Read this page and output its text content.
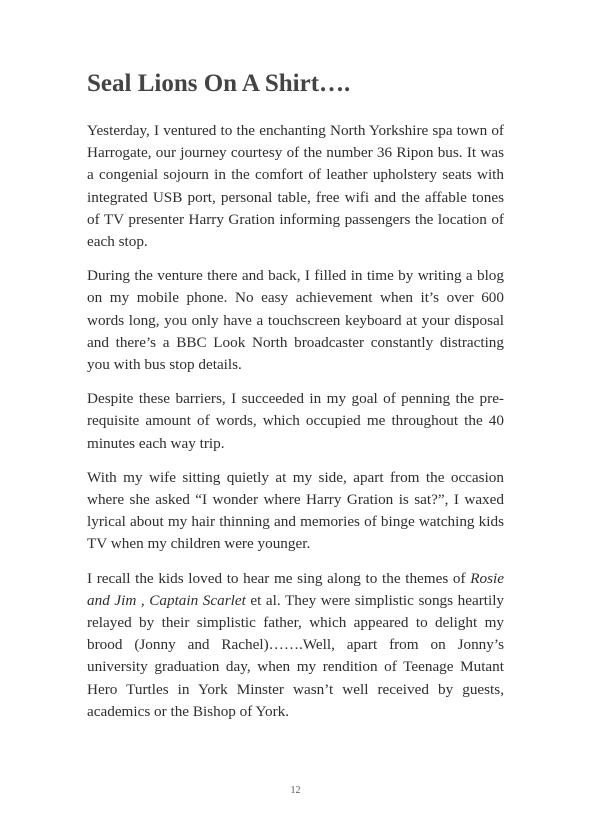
Seal Lions On A Shirt….

Yesterday, I ventured to the enchanting North Yorkshire spa town of Harrogate, our journey courtesy of the number 36 Ripon bus. It was a congenial sojourn in the comfort of leather upholstery seats with integrated USB port, personal table, free wifi and the affable tones of TV presenter Harry Gration informing passengers the location of each stop.

During the venture there and back, I filled in time by writing a blog on my mobile phone. No easy achievement when it’s over 600 words long, you only have a touchscreen keyboard at your disposal and there’s a BBC Look North broadcaster constantly distracting you with bus stop details.

Despite these barriers, I succeeded in my goal of penning the pre-requisite amount of words, which occupied me throughout the 40 minutes each way trip.

With my wife sitting quietly at my side, apart from the occasion where she asked “I wonder where Harry Gration is sat?”, I waxed lyrical about my hair thinning and memories of binge watching kids TV when my children were younger.

I recall the kids loved to hear me sing along to the themes of Rosie and Jim , Captain Scarlet et al. They were simplistic songs heartily relayed by their simplistic father, which appeared to delight my brood (Jonny and Rachel)…….Well, apart from on Jonny’s university graduation day, when my rendition of Teenage Mutant Hero Turtles in York Minster wasn’t well received by guests, academics or the Bishop of York.

12
